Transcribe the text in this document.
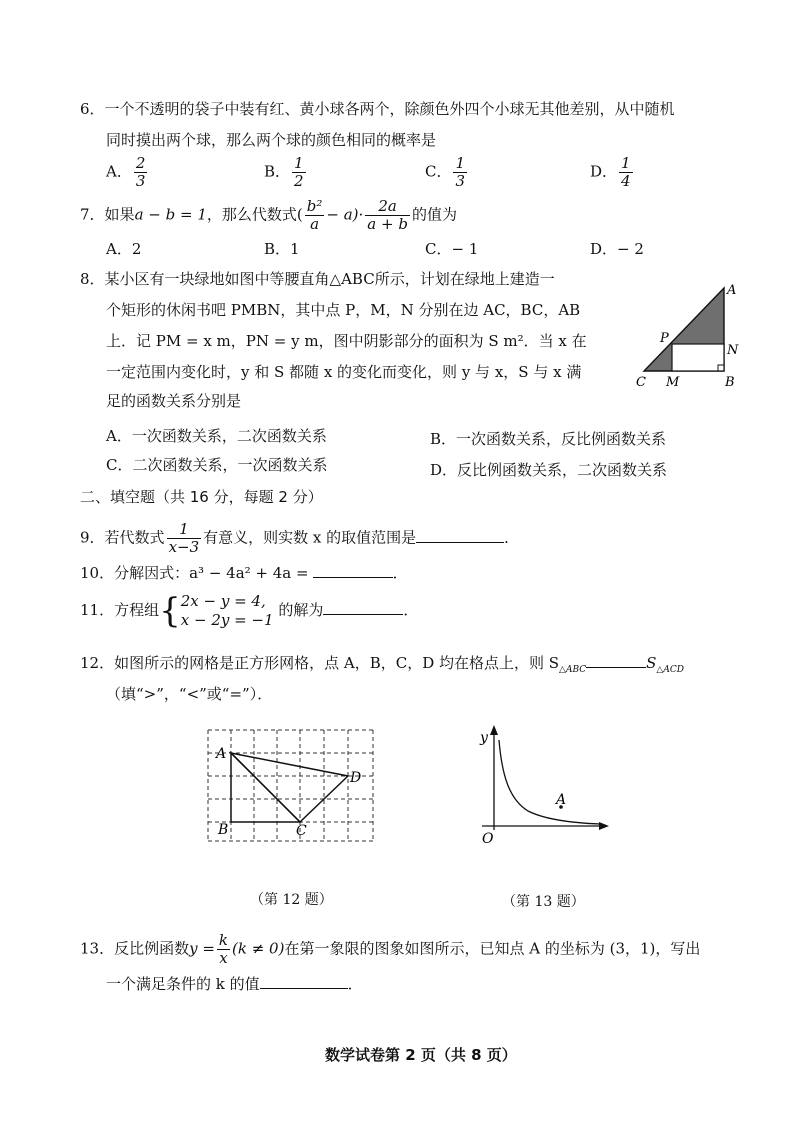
6．一个不透明的袋子中装有红、黄小球各两个，除颜色外四个小球无其他差别，从中随机
同时摸出两个球，那么两个球的颜色相同的概率是
A． $\frac{2}{3}$	B． $\frac{1}{2}$	C． $\frac{1}{3}$	D． $\frac{1}{4}$
7．如果a − b = 1，那么代数式( $\frac{\text{b²}}{a} - a)\cdot \frac{2a}{a + b}$ 的值为
A．2	B．1	C．− 1	D．− 2
8．某小区有一块绿地如图中等腰直角△ABC所示，计划在绿地上建造一
个矩形的休闲书吧 PMBN，其中点 P，M，N 分别在边 AC，BC，AB
上．记 PM = x m，PN = y m，图中阴影部分的面积为 S m²．当 x 在
一定范围内变化时，y 和 S 都随 x 的变化而变化，则 y 与 x，S 与 x 满
足的函数关系分别是
A
P
N
C M	B
A．一次函数关系，二次函数关系	B．一次函数关系，反比例函数关系
C．二次函数关系，一次函数关系	D．反比例函数关系，二次函数关系
二、填空题（共 16 分，每题 2 分）
9．若代数式 $\frac{1}{x-3}$ 有意义，则实数 x 的取值范围是	．
10．分解因式：a³ − 4a² + 4a =	．
11．方程组{ 2x − y = 4,
x − 2y = −1
的解为	．
12．如图所示的网格是正方形网格，点 A，B，C，D 均在格点上，则 $S_{\triangle ABC}$	$S_{\triangle ACD}$
（填“>”，“<”或“=”）．
A
B	C
D
y
O
A
（第 12 题）	（第 13 题）
13．反比例函数$y = \frac{k}{x} (k \ne 0)$在第一象限的图象如图所示，已知点 A 的坐标为 (3，1)，写出
一个满足条件的 k 的值	．
数学试卷第 2 页（共 8 页）
